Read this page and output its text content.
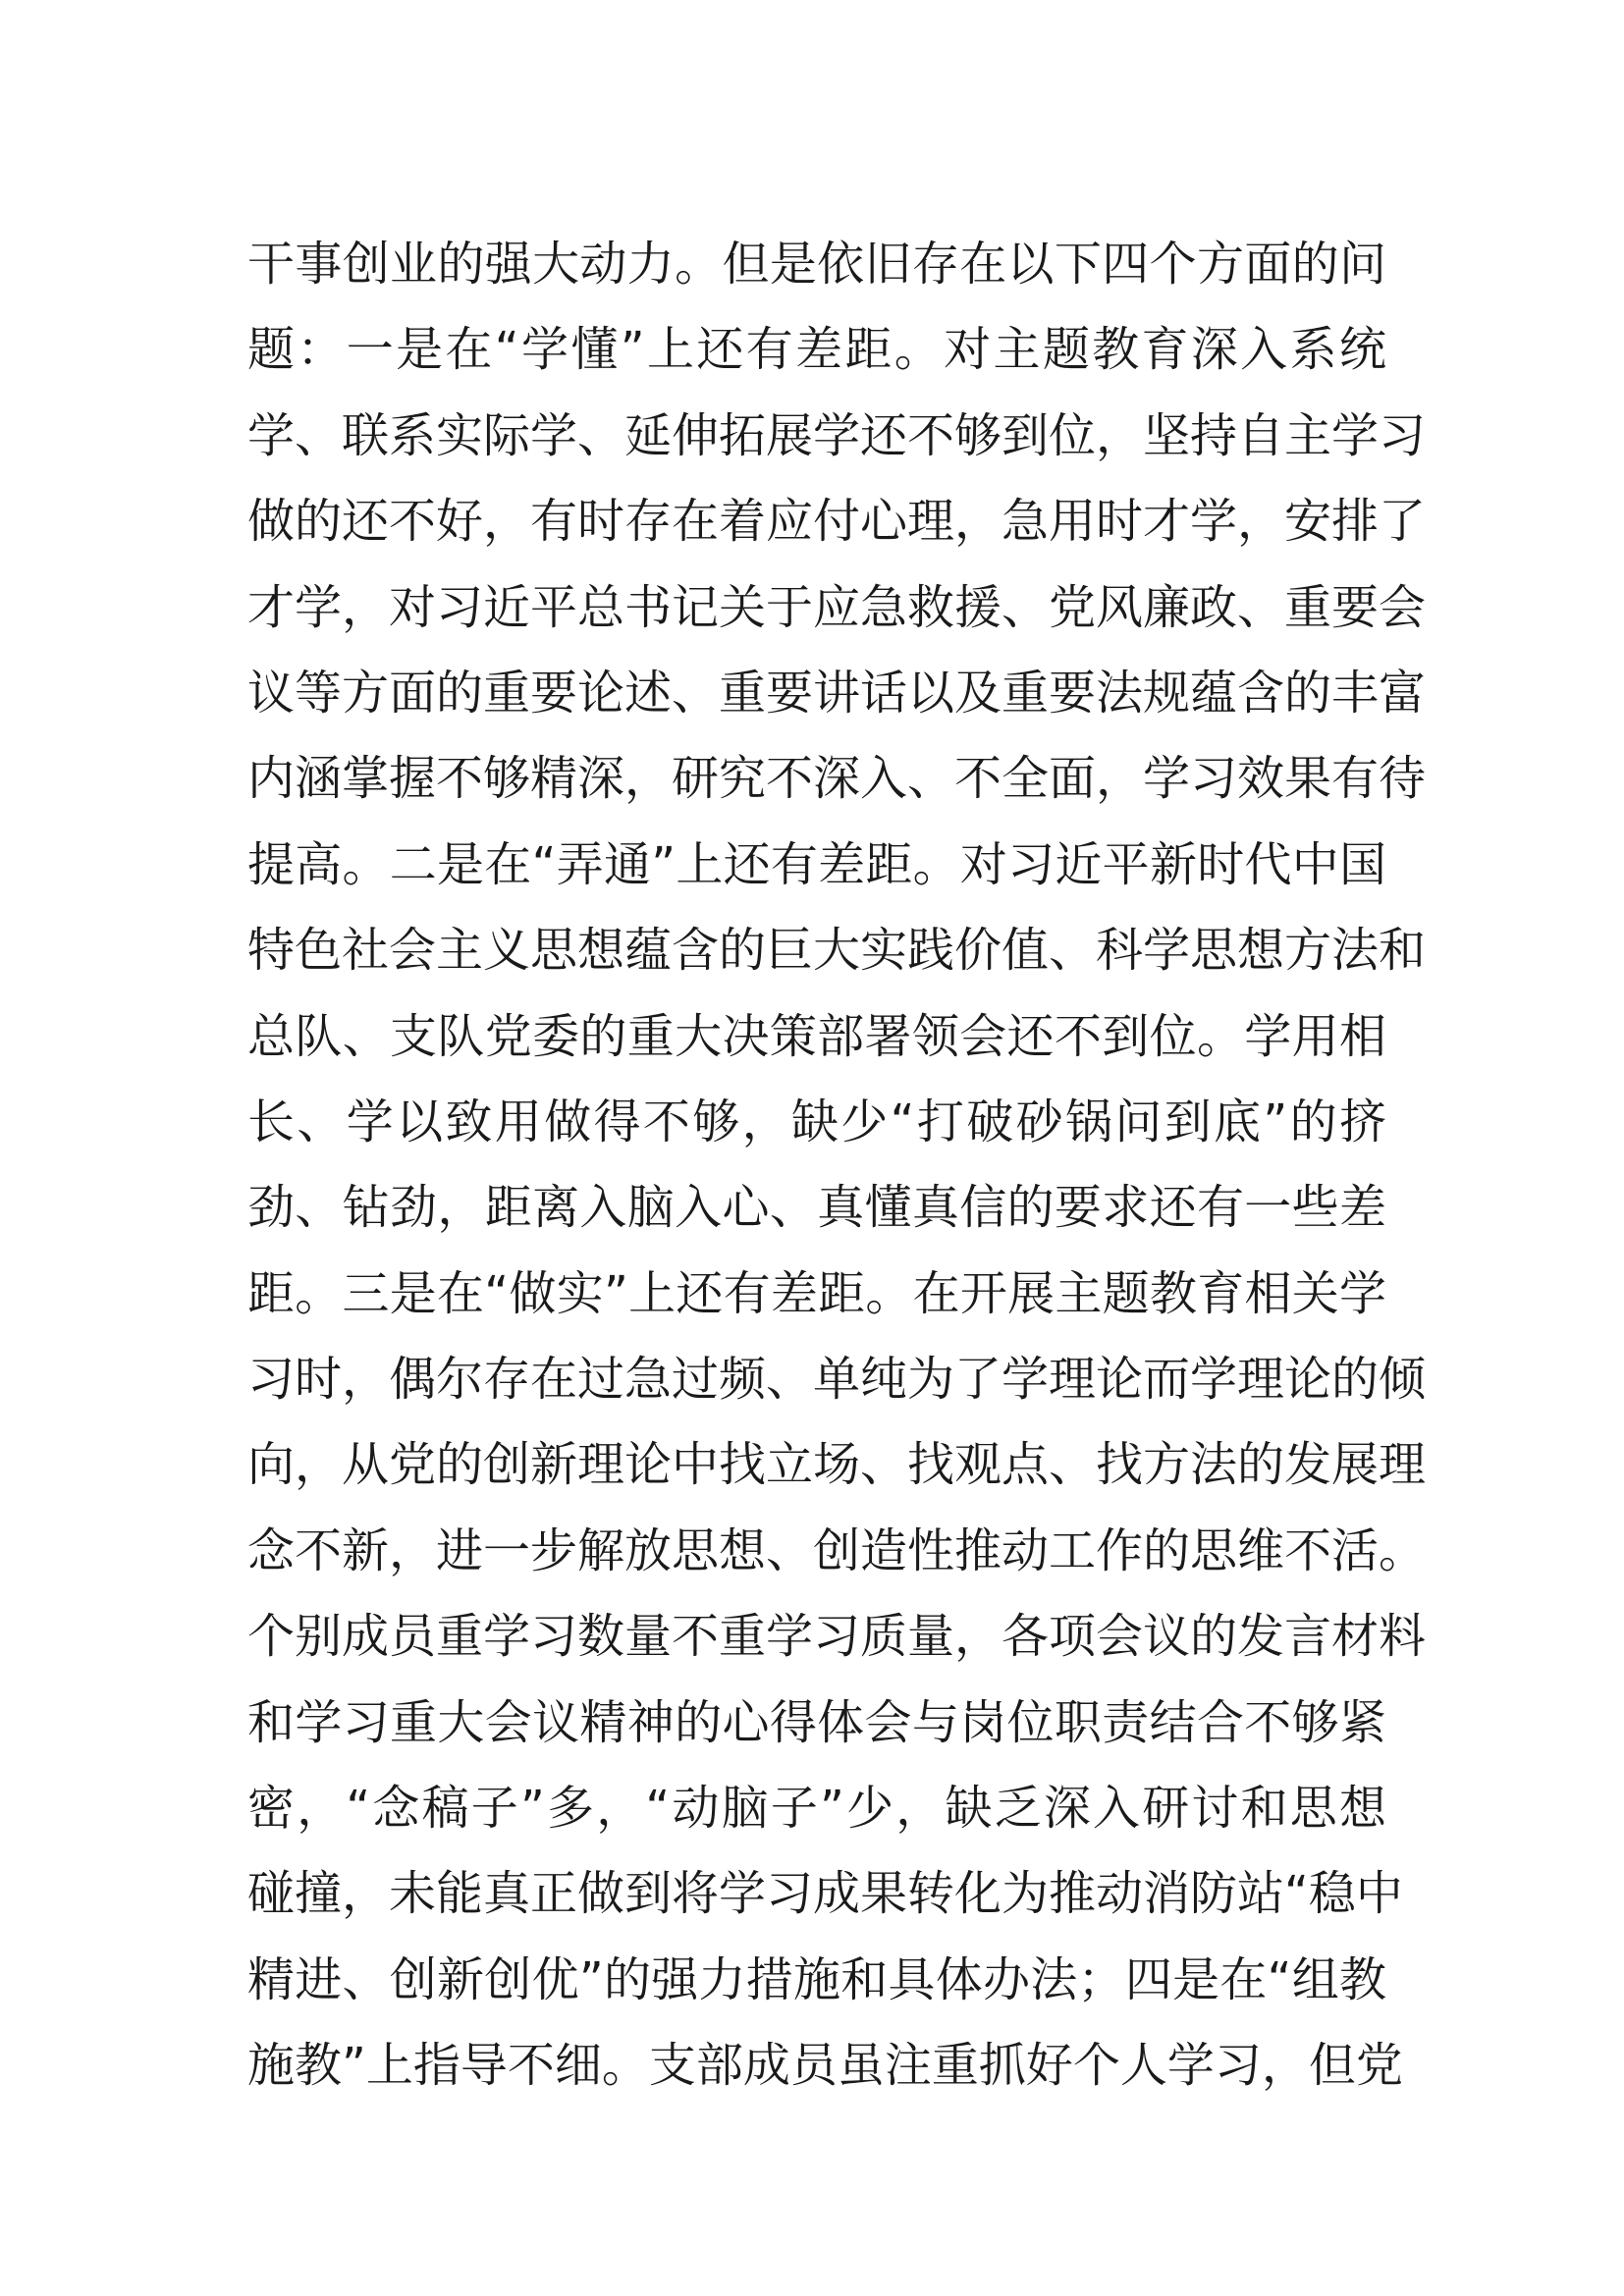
干事创业的强大动力。但是依旧存在以下四个方面的问
题：一是在“学懂”上还有差距。对主题教育深入系统
学、联系实际学、延伸拓展学还不够到位，坚持自主学习
做的还不好，有时存在着应付心理，急用时才学，安排了
才学，对习近平总书记关于应急救援、党风廉政、重要会
议等方面的重要论述、重要讲话以及重要法规蕴含的丰富
内涵掌握不够精深，研究不深入、不全面，学习效果有待
提高。二是在“弄通”上还有差距。对习近平新时代中国
特色社会主义思想蕴含的巨大实践价值、科学思想方法和
总队、支队党委的重大决策部署领会还不到位。学用相
长、学以致用做得不够，缺少“打破砂锅问到底”的挤
劲、钻劲，距离入脑入心、真懂真信的要求还有一些差
距。三是在“做实”上还有差距。在开展主题教育相关学
习时，偶尔存在过急过频、单纯为了学理论而学理论的倾
向，从党的创新理论中找立场、找观点、找方法的发展理
念不新，进一步解放思想、创造性推动工作的思维不活。
个别成员重学习数量不重学习质量，各项会议的发言材料
和学习重大会议精神的心得体会与岗位职责结合不够紧
密，“念稿子”多，“动脑子”少，缺乏深入研讨和思想
碰撞，未能真正做到将学习成果转化为推动消防站“稳中
精进、创新创优”的强力措施和具体办法；四是在“组教
施教”上指导不细。支部成员虽注重抓好个人学习，但党
